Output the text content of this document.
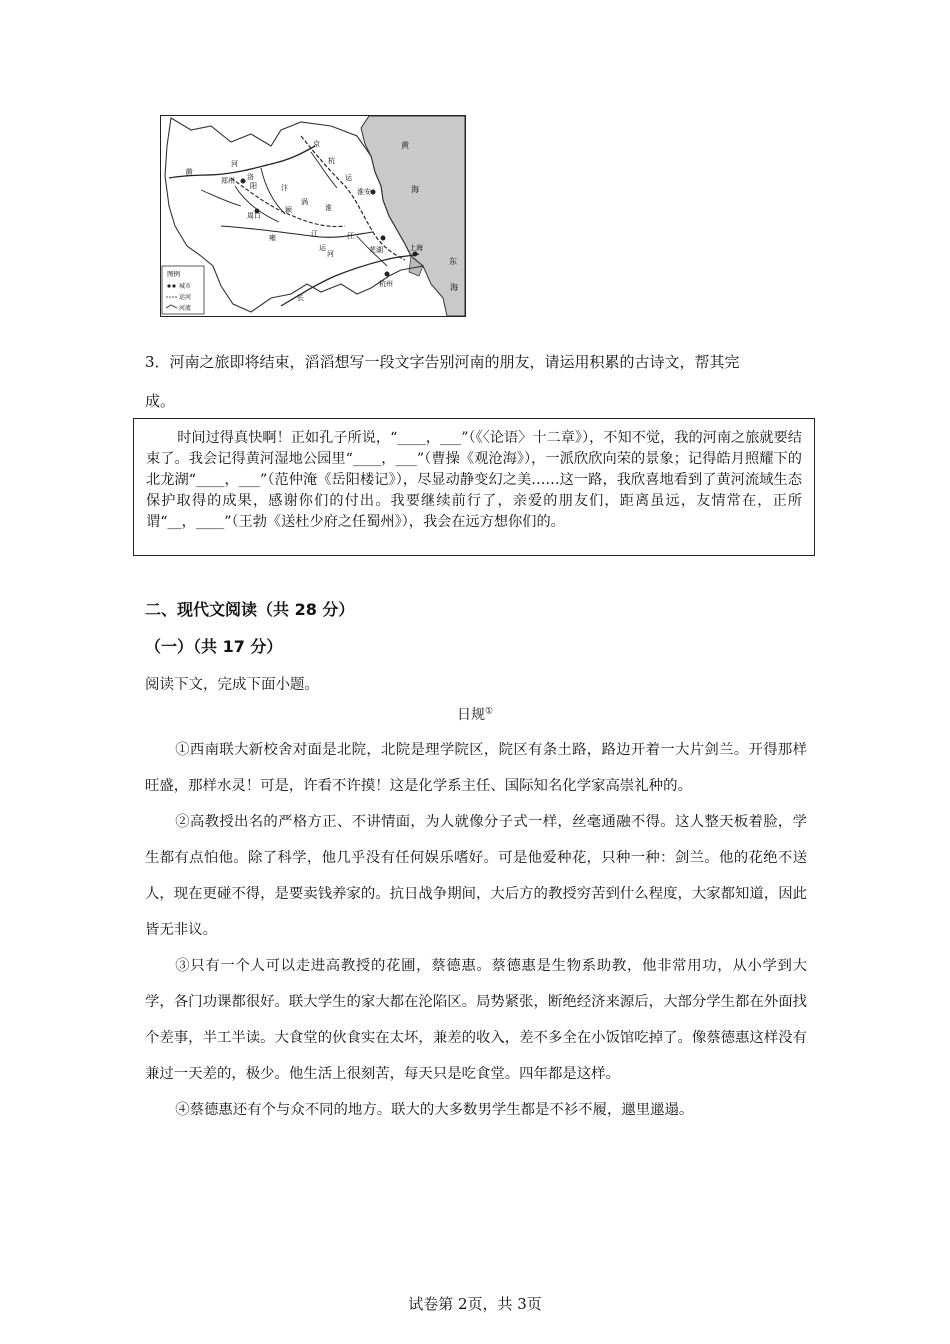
黄
海
东
海
黄
河
郑州 洛
阳
周口
京
杭
运
淮安
淮
颍
涡
江	江
运
河
上海
芜湖
杭州
长
雍
汴
图例
城市
运河
河流
3．河南之旅即将结束，滔滔想写一段文字告别河南的朋友，请运用积累的古诗文，帮其完
成。

时间过得真快啊！正如孔子所说，“____，___”（《〈论语〉十二章》），不知不觉，我的河南之旅就要结束了。我会记得黄河湿地公园里“____，___”（曹操《观沧海》），一派欣欣向荣的景象；记得皓月照耀下的北龙湖“____，___”（范仲淹《岳阳楼记》），尽显动静变幻之美……这一路，我欣喜地看到了黄河流域生态保护取得的成果，感谢你们的付出。我要继续前行了，亲爱的朋友们，距离虽远，友情常在，正所谓“__，____”（王勃《送杜少府之任蜀州》），我会在远方想你们的。

二、现代文阅读（共 28 分）
（一）（共 17 分）
阅读下文，完成下面小题。
日规①

①西南联大新校舍对面是北院，北院是理学院区，院区有条土路，路边开着一大片剑兰。开得那样旺盛，那样水灵！可是，许看不许摸！这是化学系主任、国际知名化学家高崇礼种的。

②高教授出名的严格方正、不讲情面，为人就像分子式一样，丝毫通融不得。这人整天板着脸，学生都有点怕他。除了科学，他几乎没有任何娱乐嗜好。可是他爱种花，只种一种：剑兰。他的花绝不送人，现在更碰不得，是要卖钱养家的。抗日战争期间，大后方的教授穷苦到什么程度，大家都知道，因此皆无非议。

③只有一个人可以走进高教授的花圃，蔡德惠。蔡德惠是生物系助教，他非常用功，从小学到大学，各门功课都很好。联大学生的家大都在沦陷区。局势紧张，断绝经济来源后，大部分学生都在外面找个差事，半工半读。大食堂的伙食实在太坏，兼差的收入，差不多全在小饭馆吃掉了。像蔡德惠这样没有兼过一天差的，极少。他生活上很刻苦，每天只是吃食堂。四年都是这样。

④蔡德惠还有个与众不同的地方。联大的大多数男学生都是不衫不履，邋里邋遢。

试卷第 2页，共 3页
